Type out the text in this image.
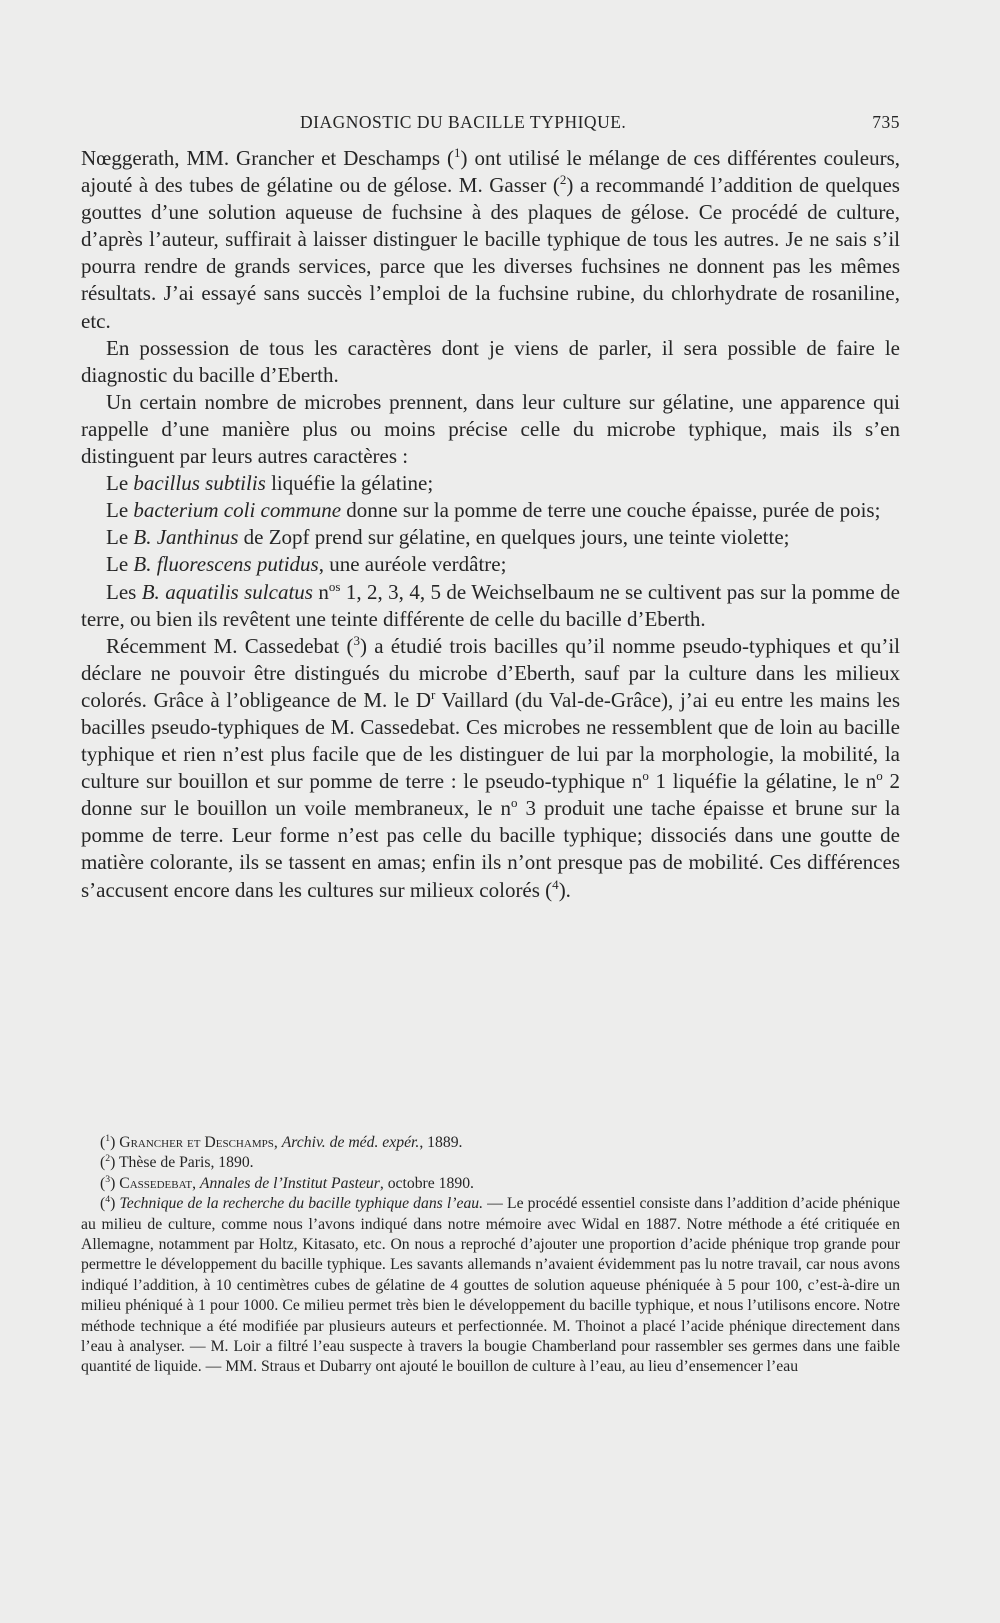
DIAGNOSTIC DU BACILLE TYPHIQUE.	735

Nœggerath, MM. Grancher et Deschamps ($^1$) ont utilisé le mélange de ces différentes couleurs, ajouté à des tubes de gélatine ou de gélose. M. Gasser ($^2$) a recommandé l’addition de quelques gouttes d’une solution aqueuse de fuchsine à des plaques de gélose. Ce procédé de culture, d’après l’auteur, suffirait à laisser distinguer le bacille typhique de tous les autres. Je ne sais s’il pourra rendre de grands services, parce que les diverses fuchsines ne donnent pas les mêmes résultats. J’ai essayé sans succès l’emploi de la fuchsine rubine, du chlorhydrate de rosaniline, etc.

En possession de tous les caractères dont je viens de parler, il sera possible de faire le diagnostic du bacille d’Eberth.

Un certain nombre de microbes prennent, dans leur culture sur gélatine, une apparence qui rappelle d’une manière plus ou moins précise celle du microbe typhique, mais ils s’en distinguent par leurs autres caractères :

Le bacillus subtilis liquéfie la gélatine;

Le bacterium coli commune donne sur la pomme de terre une couche épaisse, purée de pois;

Le B. Janthinus de Zopf prend sur gélatine, en quelques jours, une teinte violette;

Le B. fluorescens putidus, une auréole verdâtre;

Les B. aquatilis sulcatus $n^{os}$ 1, 2, 3, 4, 5 de Weichselbaum ne se cultivent pas sur la pomme de terre, ou bien ils revêtent une teinte différente de celle du bacille d’Eberth.

Récemment M. Cassedebat ($^3$) a étudié trois bacilles qu’il nomme pseudo-typhiques et qu’il déclare ne pouvoir être distingués du microbe d’Eberth, sauf par la culture dans les milieux colorés. Grâce à l’obligeance de M. le $D^r$ Vaillard (du Val-de-Grâce), j’ai eu entre les mains les bacilles pseudo-typhiques de M. Cassedebat. Ces microbes ne ressemblent que de loin au bacille typhique et rien n’est plus facile que de les distinguer de lui par la morphologie, la mobilité, la culture sur bouillon et sur pomme de terre : le pseudo-typhique $n^o$ 1 liquéfie la gélatine, le $n^o$ 2 donne sur le bouillon un voile membraneux, le $n^o$ 3 produit une tache épaisse et brune sur la pomme de terre. Leur forme n’est pas celle du bacille typhique; dissociés dans une goutte de matière colorante, ils se tassent en amas; enfin ils n’ont presque pas de mobilité. Ces différences s’accusent encore dans les cultures sur milieux colorés ($^4$).

($^1$) Grancher et Deschamps, Archiv. de méd. expér., 1889.

($^2$) Thèse de Paris, 1890.

($^3$) Cassedebat, Annales de l’Institut Pasteur, octobre 1890.

($^4$) Technique de la recherche du bacille typhique dans l’eau. — Le procédé essentiel consiste dans l’addition d’acide phénique au milieu de culture, comme nous l’avons indiqué dans notre mémoire avec Widal en 1887. Notre méthode a été critiquée en Allemagne, notamment par Holtz, Kitasato, etc. On nous a reproché d’ajouter une proportion d’acide phénique trop grande pour permettre le développement du bacille typhique. Les savants allemands n’avaient évidemment pas lu notre travail, car nous avons indiqué l’addition, à 10 centimètres cubes de gélatine de 4 gouttes de solution aqueuse phéniquée à 5 pour 100, c’est-à-dire un milieu phéniqué à 1 pour 1000. Ce milieu permet très bien le développement du bacille typhique, et nous l’utilisons encore. Notre méthode technique a été modifiée par plusieurs auteurs et perfectionnée. M. Thoinot a placé l’acide phénique directement dans l’eau à analyser. — M. Loir a filtré l’eau suspecte à travers la bougie Chamberland pour rassembler ses germes dans une faible quantité de liquide. — MM. Straus et Dubarry ont ajouté le bouillon de culture à l’eau, au lieu d’ensemencer l’eau
